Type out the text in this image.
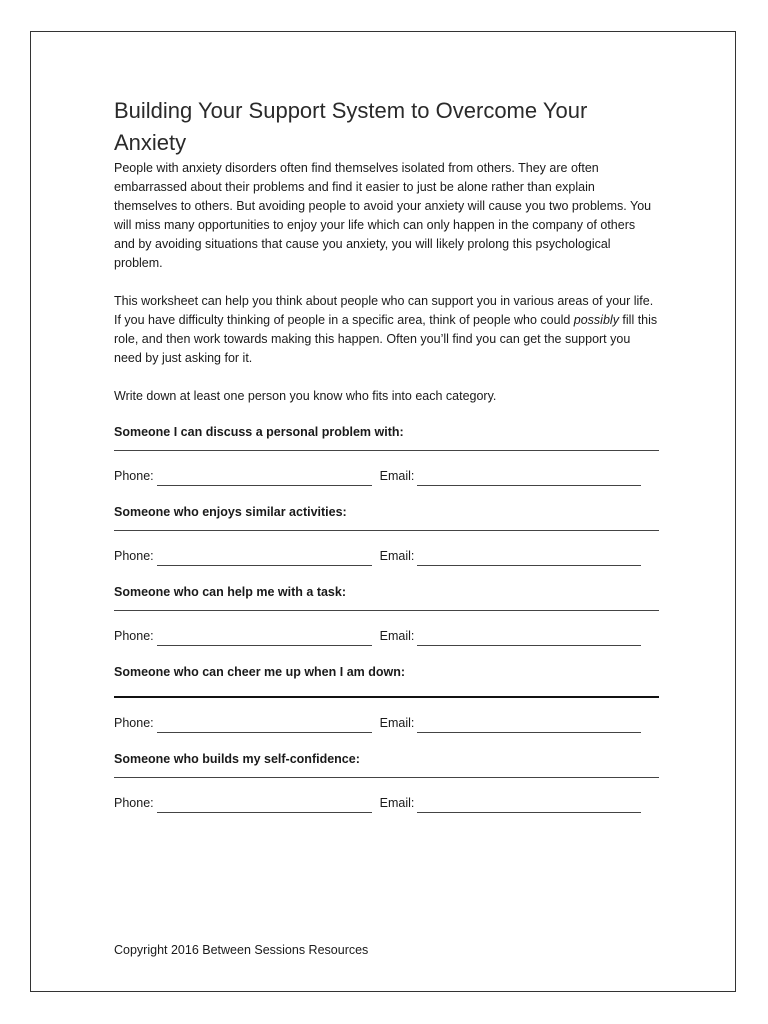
Building Your Support System to Overcome Your Anxiety

People with anxiety disorders often find themselves isolated from others. They are often embarrassed about their problems and find it easier to just be alone rather than explain themselves to others. But avoiding people to avoid your anxiety will cause you two problems. You will miss many opportunities to enjoy your life which can only happen in the company of others and by avoiding situations that cause you anxiety, you will likely prolong this psychological problem.

This worksheet can help you think about people who can support you in various areas of your life. If you have difficulty thinking of people in a specific area, think of people who could possibly fill this role, and then work towards making this happen. Often you’ll find you can get the support you need by just asking for it.

Write down at least one person you know who fits into each category.

Someone I can discuss a personal problem with:

Phone:	Email:

Someone who enjoys similar activities:

Phone:	Email:

Someone who can help me with a task:

Phone:	Email:

Someone who can cheer me up when I am down:

Phone:	Email:

Someone who builds my self-confidence:

Phone:	Email:
Copyright 2016 Between Sessions Resources
